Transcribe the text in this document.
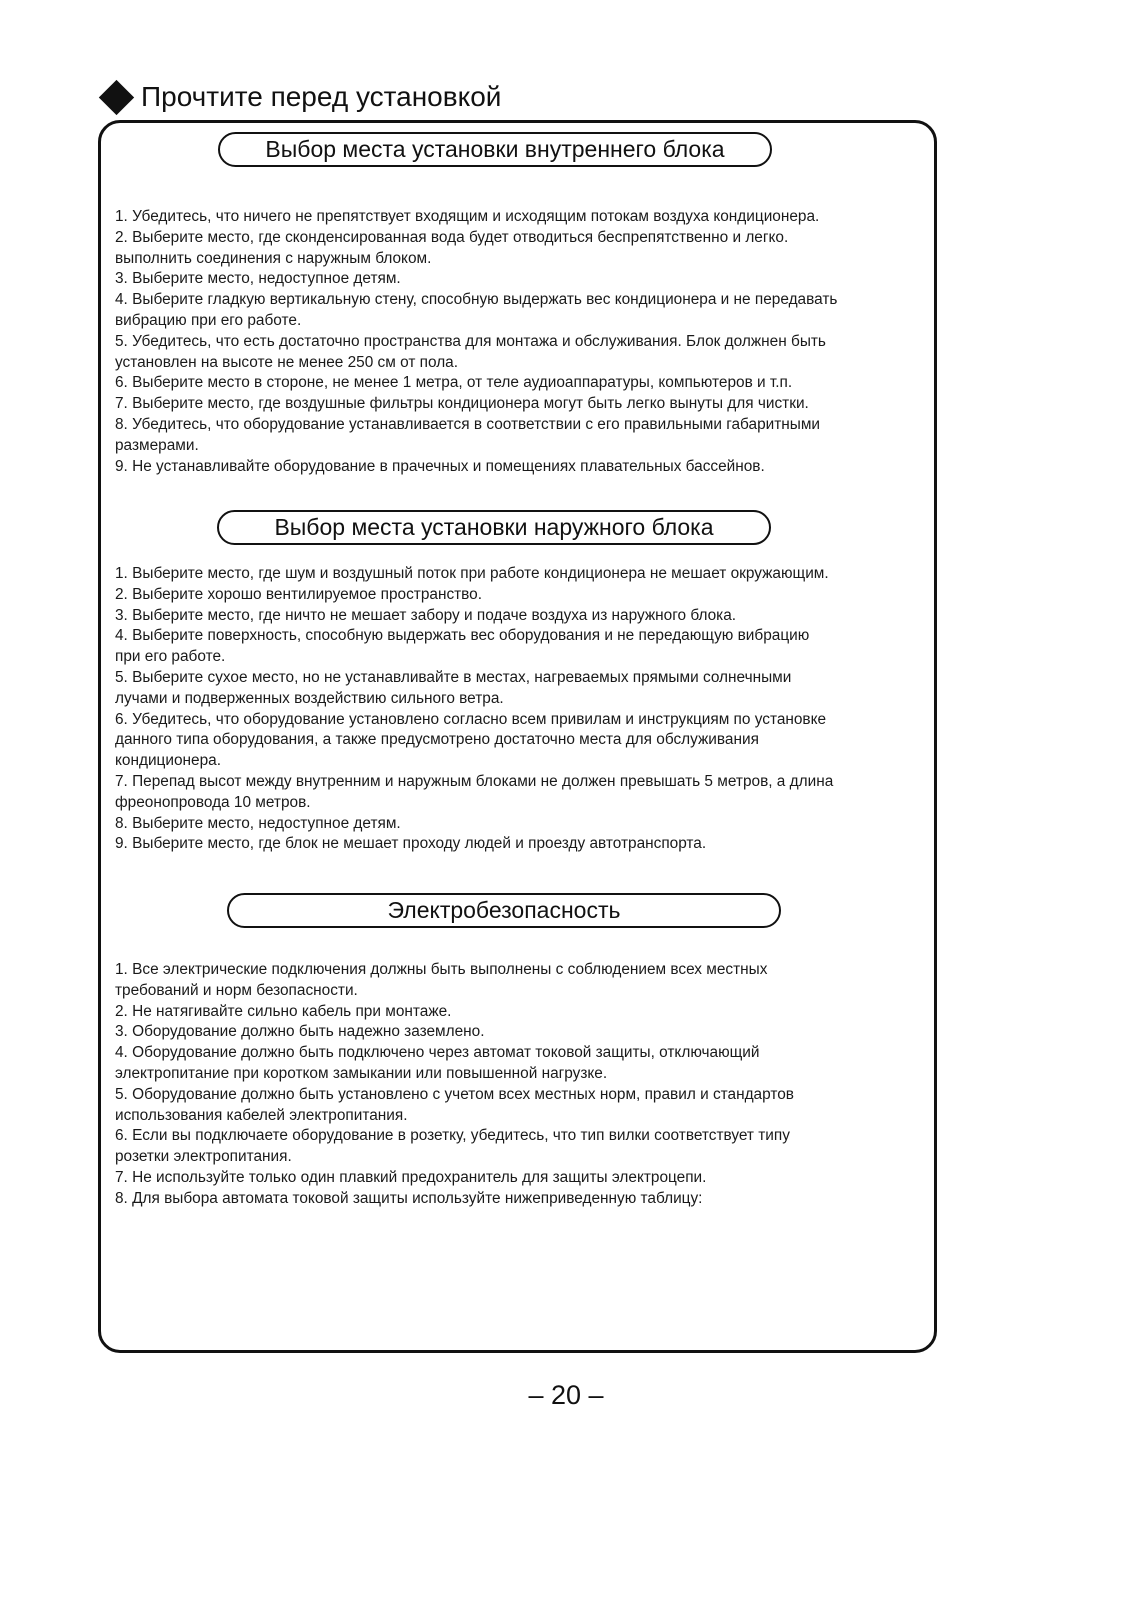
Прочтите перед установкой
Выбор места установки внутреннего блока
1. Убедитесь, что ничего не препятствует входящим и исходящим потокам воздуха кондиционера.
2. Выберите место, где сконденсированная вода будет отводиться беспрепятственно и легко.
выполнить соединения с наружным блоком.
3. Выберите место, недоступное детям.
4. Выберите гладкую вертикальную стену, способную выдержать вес кондиционера и не передавать
вибрацию при его работе.
5. Убедитесь, что есть достаточно пространства для монтажа и обслуживания. Блок должнен быть
установлен на высоте не менее 250 см от пола.
6. Выберите место в стороне, не менее 1 метра, от теле аудиоаппаратуры, компьютеров и т.п.
7. Выберите место, где воздушные фильтры кондиционера могут быть легко вынуты для чистки.
8. Убедитесь, что оборудование устанавливается в соответствии с его правильными габаритными
размерами.
9. Не устанавливайте оборудование в прачечных и помещениях плавательных бассейнов.
Выбор места установки наружного блока
1. Выберите место, где шум и воздушный поток при работе кондиционера не мешает окружающим.
2. Выберите хорошо вентилируемое пространство.
3. Выберите место, где ничто не мешает забору и подаче воздуха из наружного блока.
4. Выберите поверхность, способную выдержать вес оборудования и не передающую вибрацию
при его работе.
5. Выберите сухое место, но не устанавливайте в местах, нагреваемых прямыми солнечными
лучами и подверженных воздействию сильного ветра.
6. Убедитесь, что оборудование установлено согласно всем привилам и инструкциям по установке
данного типа оборудования, а также предусмотрено достаточно места для обслуживания
кондиционера.
7. Перепад высот между внутренним и наружным блоками не должен превышать 5 метров, а длина
фреонопровода 10 метров.
8. Выберите место, недоступное детям.
9. Выберите место, где блок не мешает проходу людей и проезду автотранспорта.
Электробезопасность
1. Все электрические подключения должны быть выполнены с соблюдением всех местных
требований и норм безопасности.
2. Не натягивайте сильно кабель при монтаже.
3. Оборудование должно быть надежно заземлено.
4. Оборудование должно быть подключено через автомат токовой защиты, отключающий
электропитание при коротком замыкании или повышенной нагрузке.
5. Оборудование должно быть установлено с учетом всех местных норм, правил и стандартов
использования кабелей электропитания.
6. Если вы подключаете оборудование в розетку, убедитесь, что тип вилки соответствует типу
розетки электропитания.
7. Не используйте только один плавкий предохранитель для защиты электроцепи.
8. Для выбора автомата токовой защиты используйте нижеприведенную таблицу:
– 20 –
